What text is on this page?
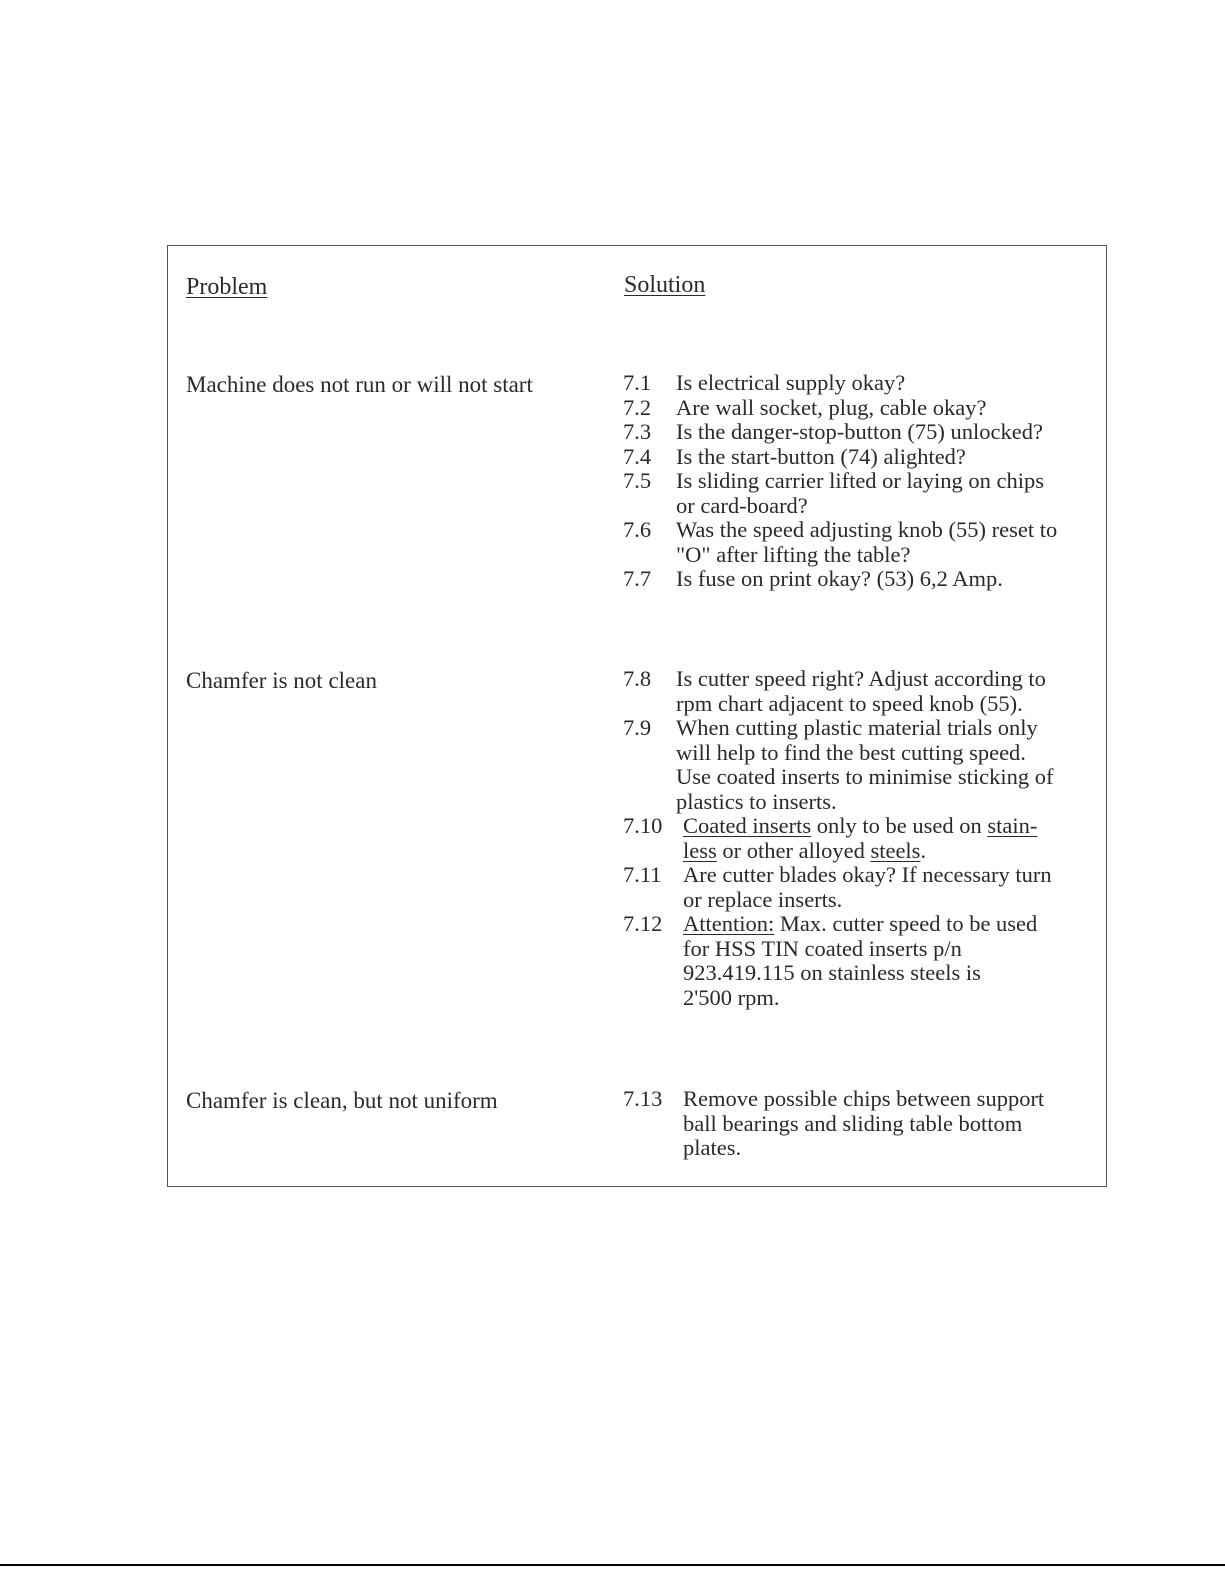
Problem	Solution
Machine does not run or will not start	7.1	Is electrical supply okay?
7.2	Are wall socket, plug, cable okay?
7.3	Is the danger-stop-button (75) unlocked?
7.4	Is the start-button (74) alighted?
7.5	Is sliding carrier lifted or laying on chips
or card-board?
7.6	Was the speed adjusting knob (55) reset to
"O" after lifting the table?
7.7	Is fuse on print okay? (53) 6,2 Amp.
Chamfer is not clean	7.8	Is cutter speed right? Adjust according to
rpm chart adjacent to speed knob (55).
7.9	When cutting plastic material trials only
will help to find the best cutting speed.
Use coated inserts to minimise sticking of
plastics to inserts.
7.10 Coated inserts only to be used on stain-
less or other alloyed steels.
7.11 Are cutter blades okay? If necessary turn
or replace inserts.
7.12 Attention: Max. cutter speed to be used
for HSS TIN coated inserts p/n
923.419.115 on stainless steels is
2'500 rpm.
Chamfer is clean, but not uniform	7.13 Remove possible chips between support
ball bearings and sliding table bottom
plates.
